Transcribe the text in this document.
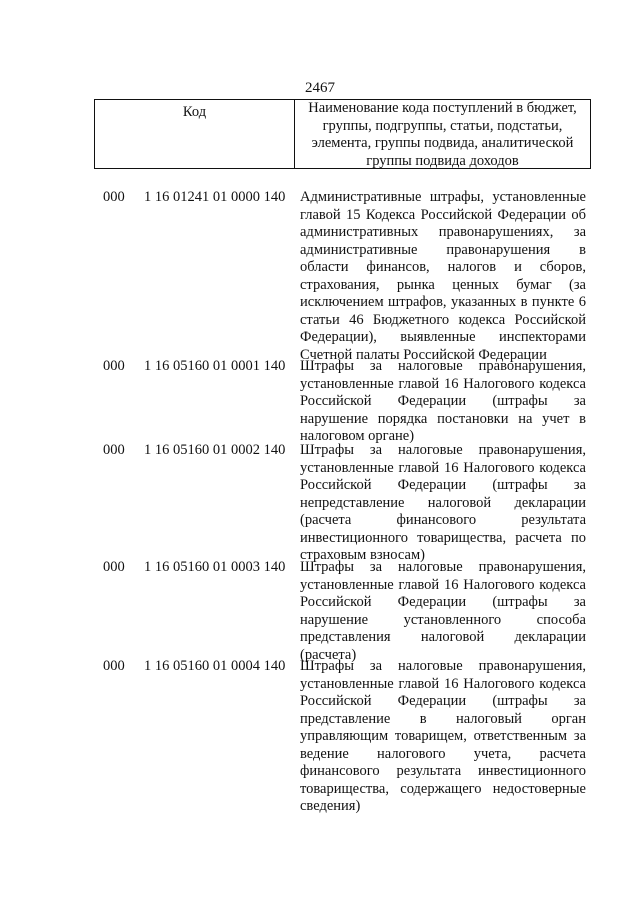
2467
Код	Наименование кода поступлений в бюджет, группы, подгруппы, статьи, подстатьи, элемента, группы подвида, аналитической группы подвида доходов
000 1 16 01241 01 0000 140 Административные штрафы, установленные главой 15 Кодекса Российской Федерации об административных правонарушениях, за административные правонарушения в области финансов, налогов и сборов, страхования, рынка ценных бумаг (за исключением штрафов, указанных в пункте 6 статьи 46 Бюджетного кодекса Российской Федерации), выявленные инспекторами Счетной палаты Российской Федерации
000 1 16 05160 01 0001 140 Штрафы за налоговые правонарушения, установленные главой 16 Налогового кодекса Российской Федерации (штрафы за нарушение порядка постановки на учет в налоговом органе)
000 1 16 05160 01 0002 140 Штрафы за налоговые правонарушения, установленные главой 16 Налогового кодекса Российской Федерации (штрафы за непредставление налоговой декларации (расчета финансового результата инвестиционного товарищества, расчета по страховым взносам)
000 1 16 05160 01 0003 140 Штрафы за налоговые правонарушения, установленные главой 16 Налогового кодекса Российской Федерации (штрафы за нарушение установленного способа представления налоговой декларации (расчета)
000 1 16 05160 01 0004 140 Штрафы за налоговые правонарушения, установленные главой 16 Налогового кодекса Российской Федерации (штрафы за представление в налоговый орган управляющим товарищем, ответственным за ведение налогового учета, расчета финансового результата инвестиционного товарищества, содержащего недостоверные сведения)
